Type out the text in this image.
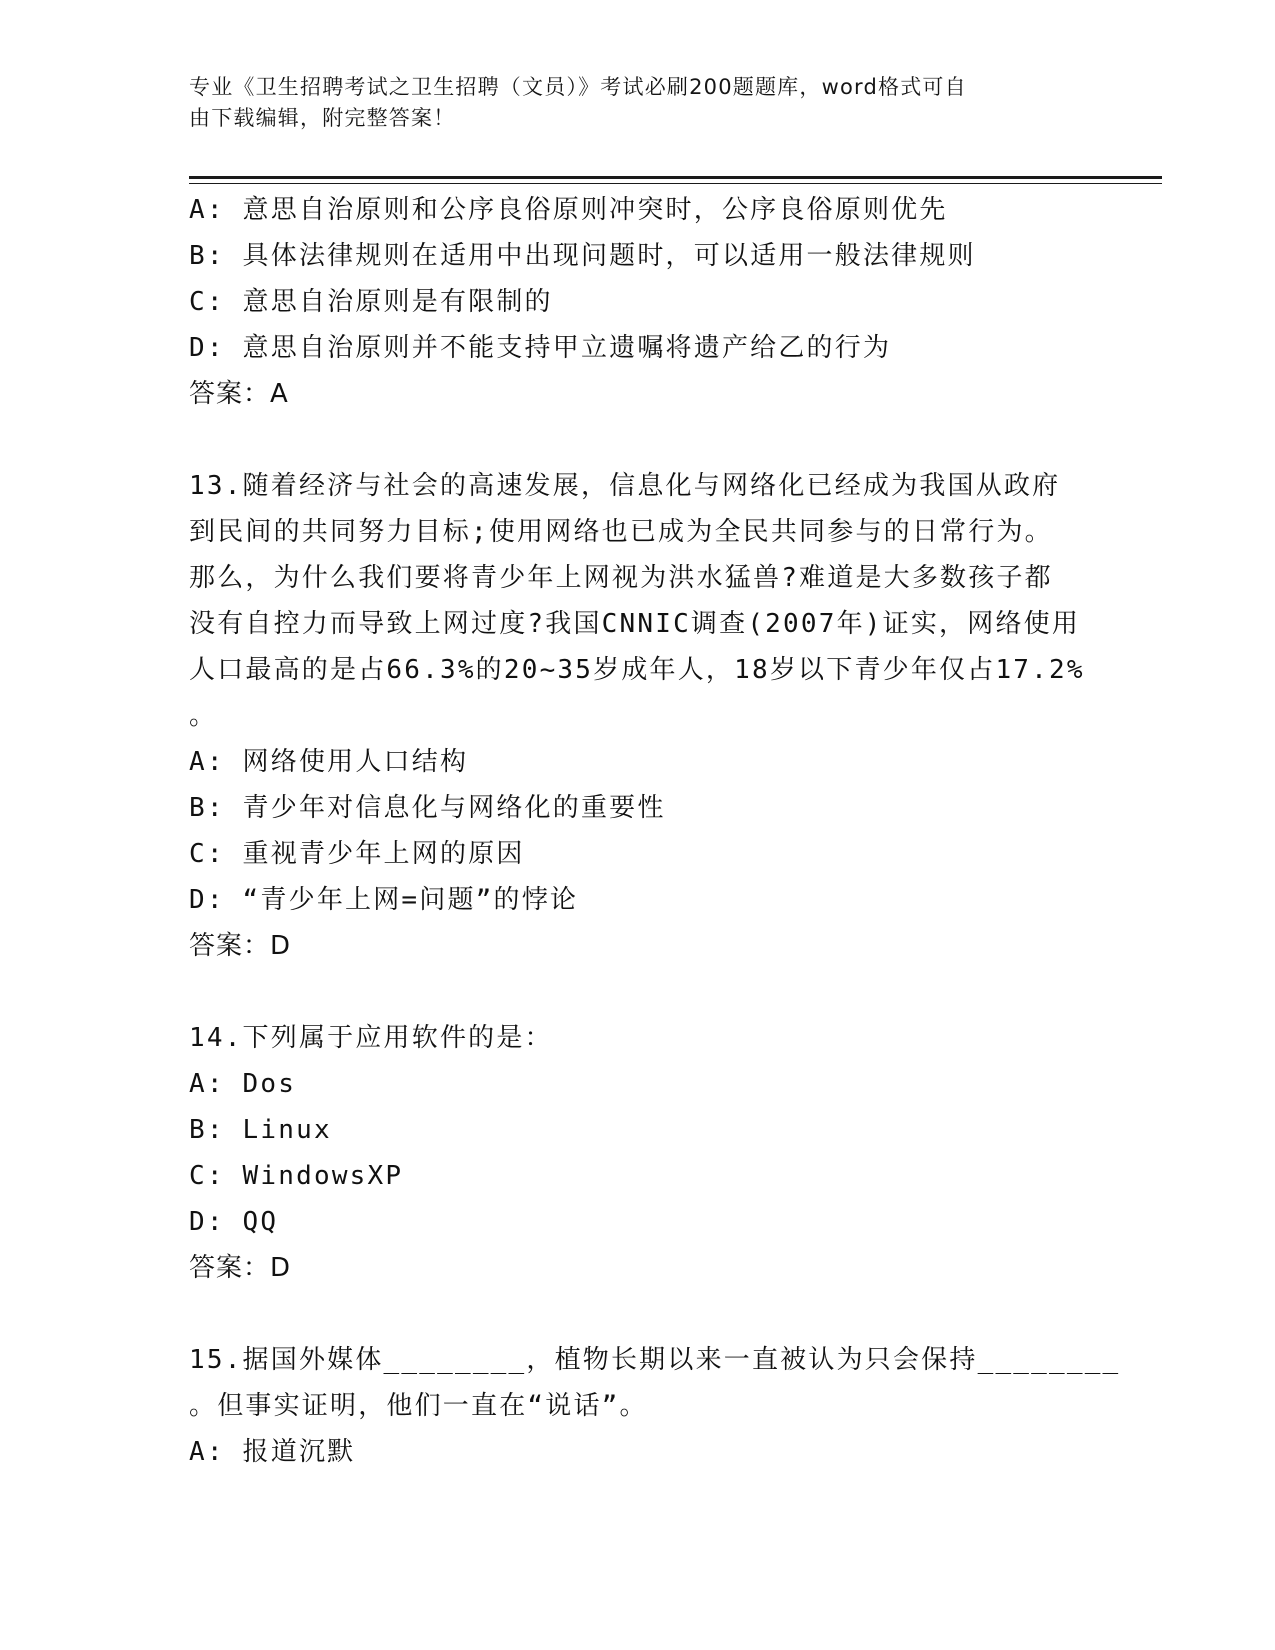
专业《卫生招聘考试之卫生招聘（文员）》考试必刷200题题库，word格式可自
由下载编辑，附完整答案！
A: 意思自治原则和公序良俗原则冲突时，公序良俗原则优先
B: 具体法律规则在适用中出现问题时，可以适用一般法律规则
C: 意思自治原则是有限制的
D: 意思自治原则并不能支持甲立遗嘱将遗产给乙的行为
答案：A
13.随着经济与社会的高速发展，信息化与网络化已经成为我国从政府
到民间的共同努力目标;使用网络也已成为全民共同参与的日常行为。
那么，为什么我们要将青少年上网视为洪水猛兽?难道是大多数孩子都
没有自控力而导致上网过度?我国CNNIC调查(2007年)证实，网络使用
人口最高的是占66.3%的20~35岁成年人，18岁以下青少年仅占17.2%
。
A: 网络使用人口结构
B: 青少年对信息化与网络化的重要性
C: 重视青少年上网的原因
D: “青少年上网=问题”的悖论
答案：D
14.下列属于应用软件的是：
A: Dos
B: Linux
C: WindowsXP
D: QQ
答案：D
15.据国外媒体________，植物长期以来一直被认为只会保持________
。但事实证明，他们一直在“说话”。
A: 报道沉默
